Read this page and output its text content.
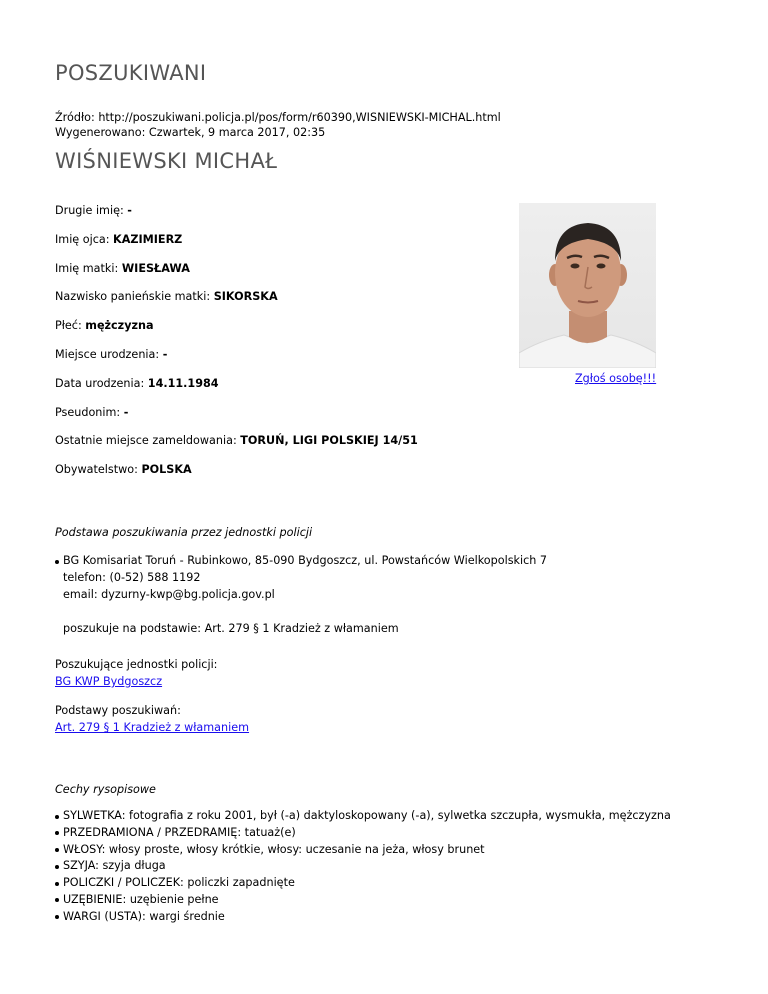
POSZUKIWANI
Źródło: http://poszukiwani.policja.pl/pos/form/r60390,WISNIEWSKI-MICHAL.html
Wygenerowano: Czwartek, 9 marca 2017, 02:35
WIŚNIEWSKI MICHAŁ
Drugie imię: -
Imię ojca: KAZIMIERZ
Imię matki: WIESŁAWA
Nazwisko panieńskie matki: SIKORSKA
Płeć: mężczyzna
Miejsce urodzenia: -
Data urodzenia: 14.11.1984
Pseudonim: -
Ostatnie miejsce zameldowania: TORUŃ, LIGI POLSKIEJ 14/51
Obywatelstwo: POLSKA
Zgłoś osobę!!!
Podstawa poszukiwania przez jednostki policji
BG Komisariat Toruń - Rubinkowo, 85-090 Bydgoszcz, ul. Powstańców Wielkopolskich 7
telefon: (0-52) 588 1192
email: dyzurny-kwp@bg.policja.gov.pl
poszukuje na podstawie: Art. 279 § 1 Kradzież z włamaniem
Poszukujące jednostki policji:
BG KWP Bydgoszcz
Podstawy poszukiwań:
Art. 279 § 1 Kradzież z włamaniem
Cechy rysopisowe
SYLWETKA: fotografia z roku 2001, był (-a) daktyloskopowany (-a), sylwetka szczupła, wysmukła, mężczyzna
PRZEDRAMIONA / PRZEDRAMIĘ: tatuaż(e)
WŁOSY: włosy proste, włosy krótkie, włosy: uczesanie na jeża, włosy brunet
SZYJA: szyja długa
POLICZKI / POLICZEK: policzki zapadnięte
UZĘBIENIE: uzębienie pełne
WARGI (USTA): wargi średnie
